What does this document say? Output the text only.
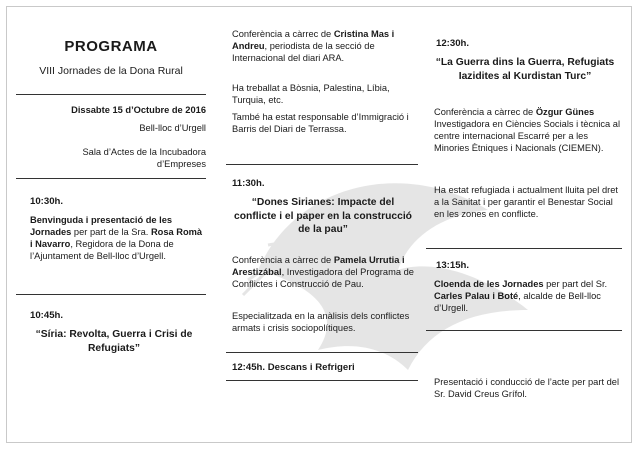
PROGRAMA
VIII Jornades de la Dona Rural
Dissabte 15 d’Octubre de 2016
Bell-lloc d’Urgell
Sala d’Actes de la Incubadora d’Empreses
10:30h.
Benvinguda i presentació de les Jornades per part de la Sra. Rosa Romà i Navarro, Regidora de la Dona de l’Ajuntament de Bell-lloc d’Urgell.
10:45h.
“Síria: Revolta, Guerra i Crisi de Refugiats”
Conferència a càrrec de Cristina Mas i Andreu, periodista de la secció de Internacional del diari ARA.
Ha treballat a Bòsnia, Palestina, Líbia, Turquia, etc.
També ha estat responsable d’Immigració i Barris del Diari de Terrassa.
11:30h.
“Dones Sirianes: Impacte del conflicte i el paper en la construcció de la pau”
Conferència a càrrec de Pamela Urrutia i Arestizábal, Investigadora del Programa de Conflictes i Construcció de Pau.
Especialitzada en la anàlisis dels conflictes armats i crisis sociopolítiques.
12:45h. Descans i Refrigeri
12:30h.
“La Guerra dins la Guerra, Refugiats Iazidites al Kurdistan Turc”
Conferència a càrrec de Özgur Günes Investigadora en Ciències Socials i tècnica al centre internacional Escarré per a les Minories Ètniques i Nacionals (CIEMEN).
Ha estat refugiada i actualment lluita pel dret a la Sanitat i per garantir el Benestar Social en les zones en conflicte.
13:15h.
Cloenda de les Jornades per part del Sr. Carles Palau i Boté, alcalde de Bell-lloc d’Urgell.
Presentació i conducció de l’acte per part del Sr. David Creus Grífol.
